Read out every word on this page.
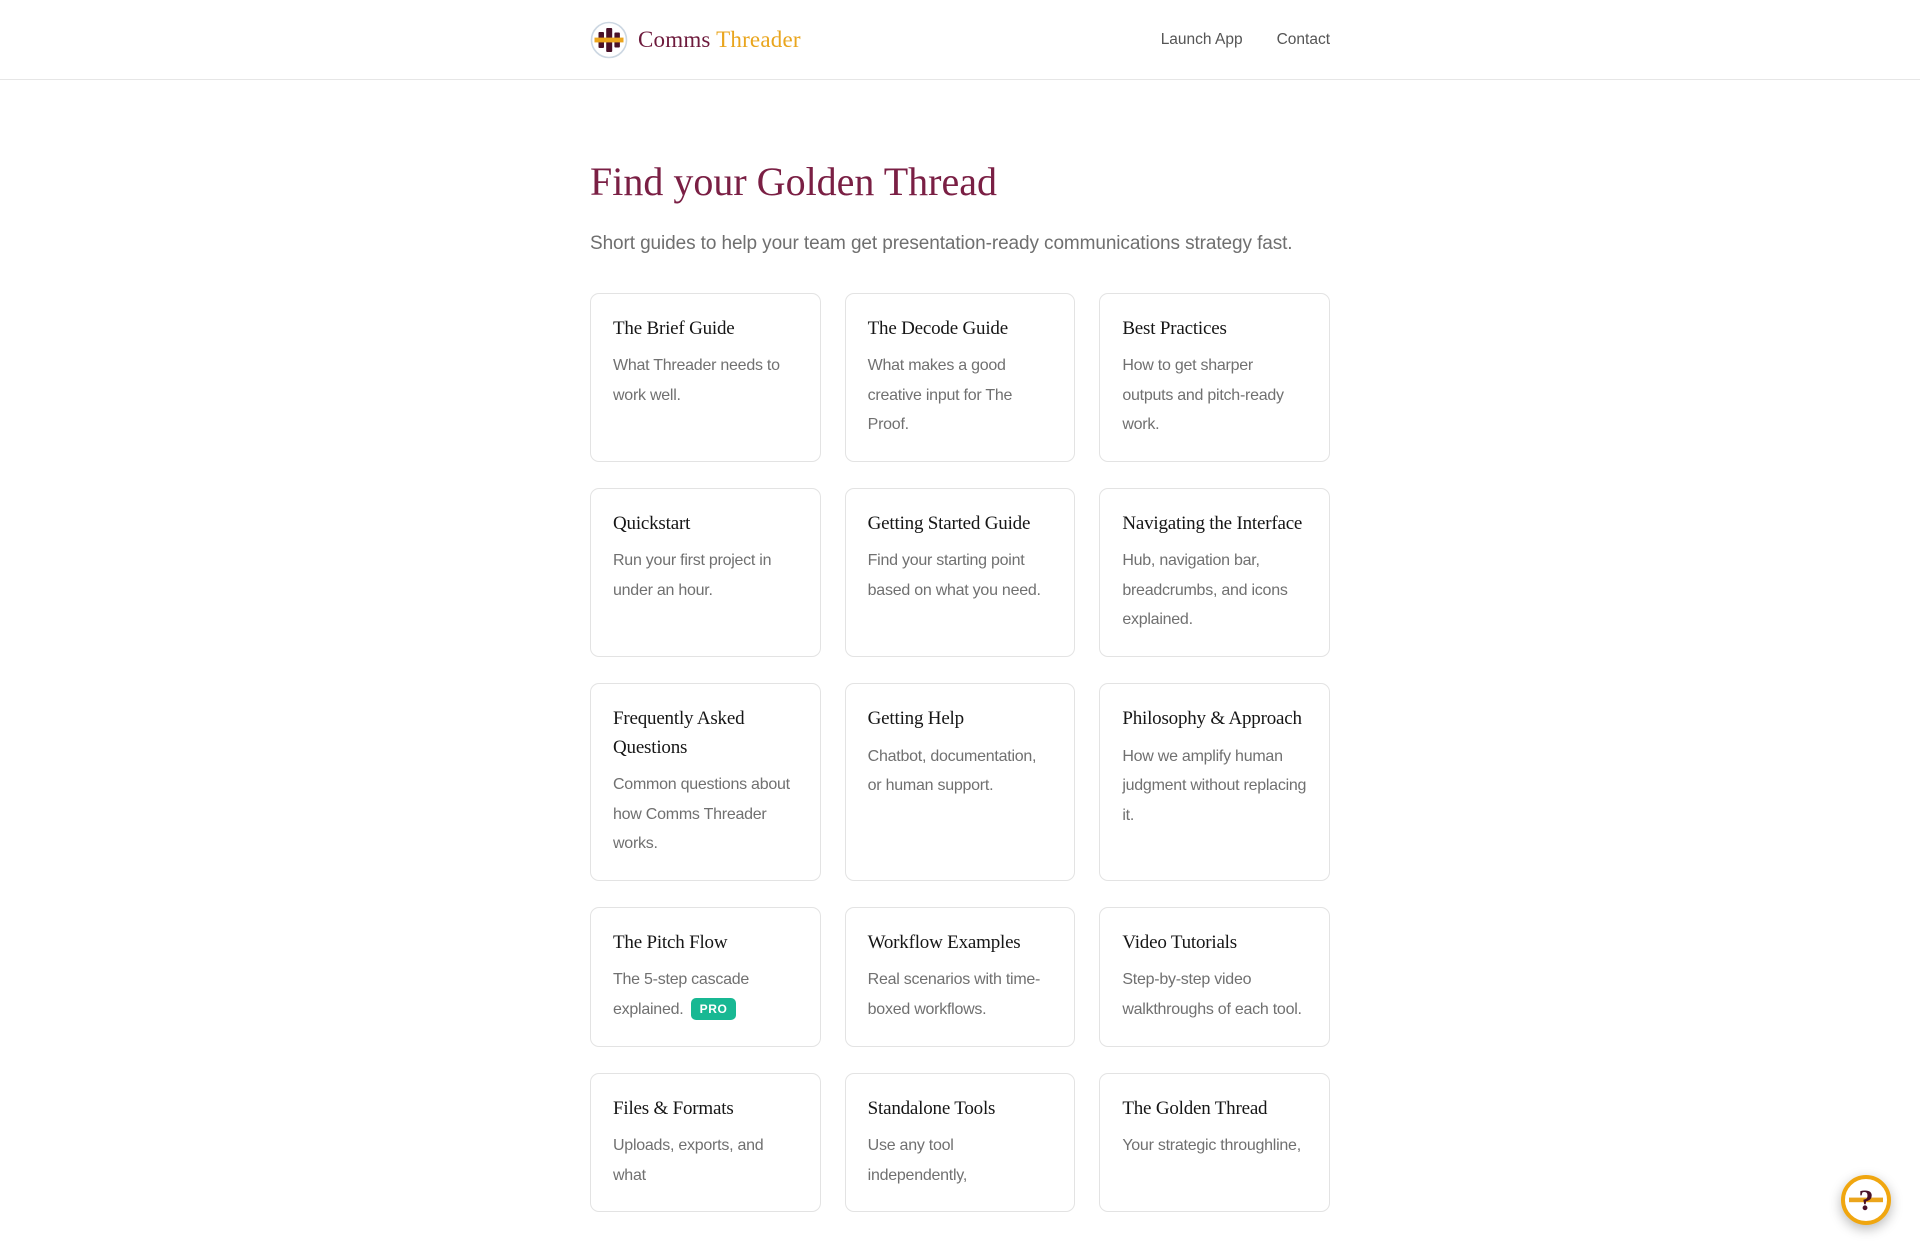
Comms Threader	Launch App Contact
Find your Golden Thread

Short guides to help your team get presentation-ready communications strategy fast.

The Brief Guide

What Threader needs to work well.

The Decode Guide

What makes a good creative input for The Proof.

Best Practices

How to get sharper outputs and pitch-ready work.

Quickstart

Run your first project in under an hour.

Getting Started Guide

Find your starting point based on what you need.

Navigating the Interface

Hub, navigation bar, breadcrumbs, and icons explained.

Frequently Asked Questions

Common questions about how Comms Threader works.

Getting Help

Chatbot, documentation, or human support.

Philosophy & Approach

How we amplify human judgment without replacing it.

The Pitch Flow

The 5-step cascade explained. PRO

Workflow Examples

Real scenarios with time-boxed workflows.

Video Tutorials

Step-by-step video walkthroughs of each tool.

Files & Formats

Uploads, exports, and what

Standalone Tools

Use any tool independently,

The Golden Thread

Your strategic throughline,

?
